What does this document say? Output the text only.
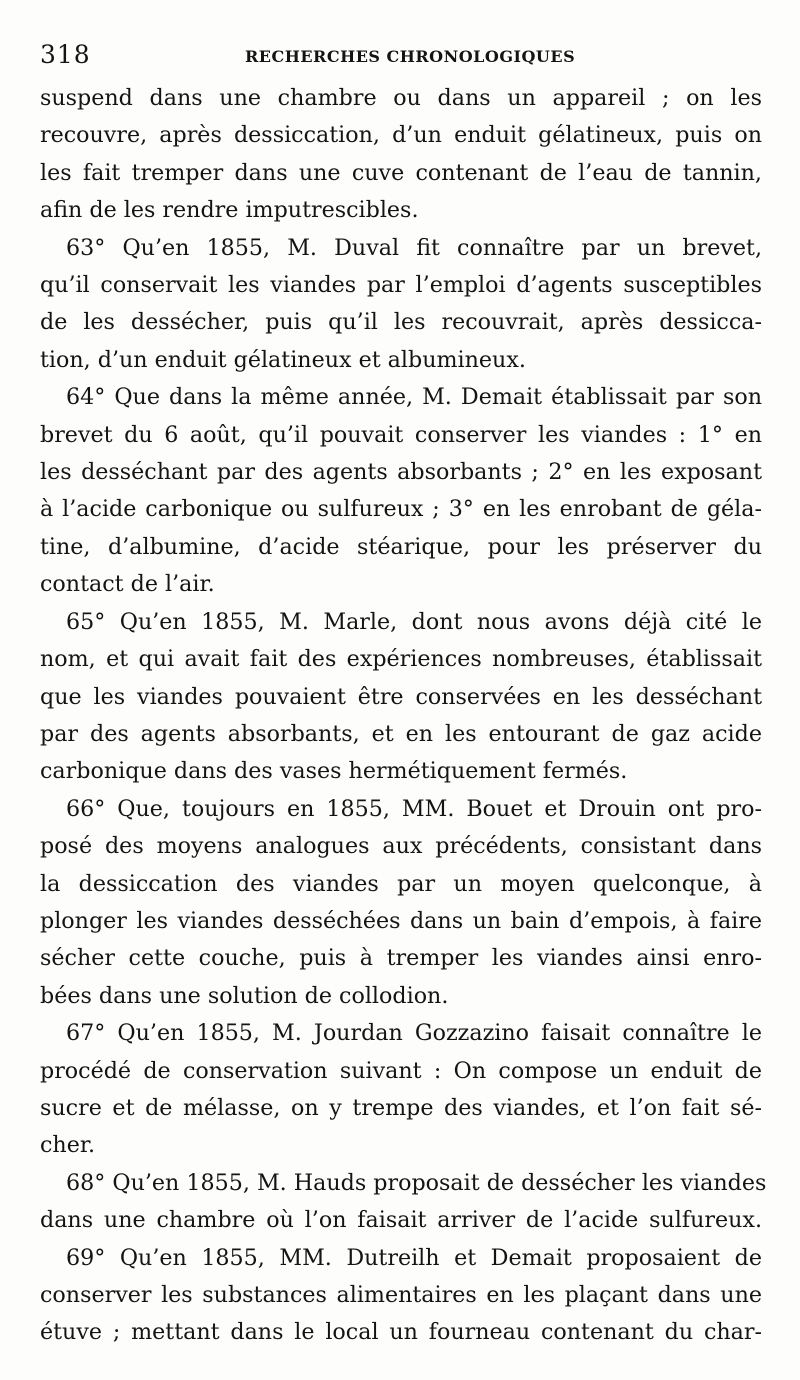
318	RECHERCHES CHRONOLOGIQUES
suspend dans une chambre ou dans un appareil ; on les
recouvre, après dessiccation, d’un enduit gélatineux, puis on
les fait tremper dans une cuve contenant de l’eau de tannin,
afin de les rendre imputrescibles.
63° Qu’en 1855, M. Duval fit connaître par un brevet,
qu’il conservait les viandes par l’emploi d’agents susceptibles
de les dessécher, puis qu’il les recouvrait, après dessicca-
tion, d’un enduit gélatineux et albumineux.
64° Que dans la même année, M. Demait établissait par son
brevet du 6 août, qu’il pouvait conserver les viandes : 1° en
les desséchant par des agents absorbants ; 2° en les exposant
à l’acide carbonique ou sulfureux ; 3° en les enrobant de géla-
tine, d’albumine, d’acide stéarique, pour les préserver du
contact de l’air.
65° Qu’en 1855, M. Marle, dont nous avons déjà cité le
nom, et qui avait fait des expériences nombreuses, établissait
que les viandes pouvaient être conservées en les desséchant
par des agents absorbants, et en les entourant de gaz acide
carbonique dans des vases hermétiquement fermés.
66° Que, toujours en 1855, MM. Bouet et Drouin ont pro-
posé des moyens analogues aux précédents, consistant dans
la dessiccation des viandes par un moyen quelconque, à
plonger les viandes desséchées dans un bain d’empois, à faire
sécher cette couche, puis à tremper les viandes ainsi enro-
bées dans une solution de collodion.
67° Qu’en 1855, M. Jourdan Gozzazino faisait connaître le
procédé de conservation suivant : On compose un enduit de
sucre et de mélasse, on y trempe des viandes, et l’on fait sé-
cher.
68° Qu’en 1855, M. Hauds proposait de dessécher les viandes
dans une chambre où l’on faisait arriver de l’acide sulfureux.
69° Qu’en 1855, MM. Dutreilh et Demait proposaient de
conserver les substances alimentaires en les plaçant dans une
étuve ; mettant dans le local un fourneau contenant du char-
